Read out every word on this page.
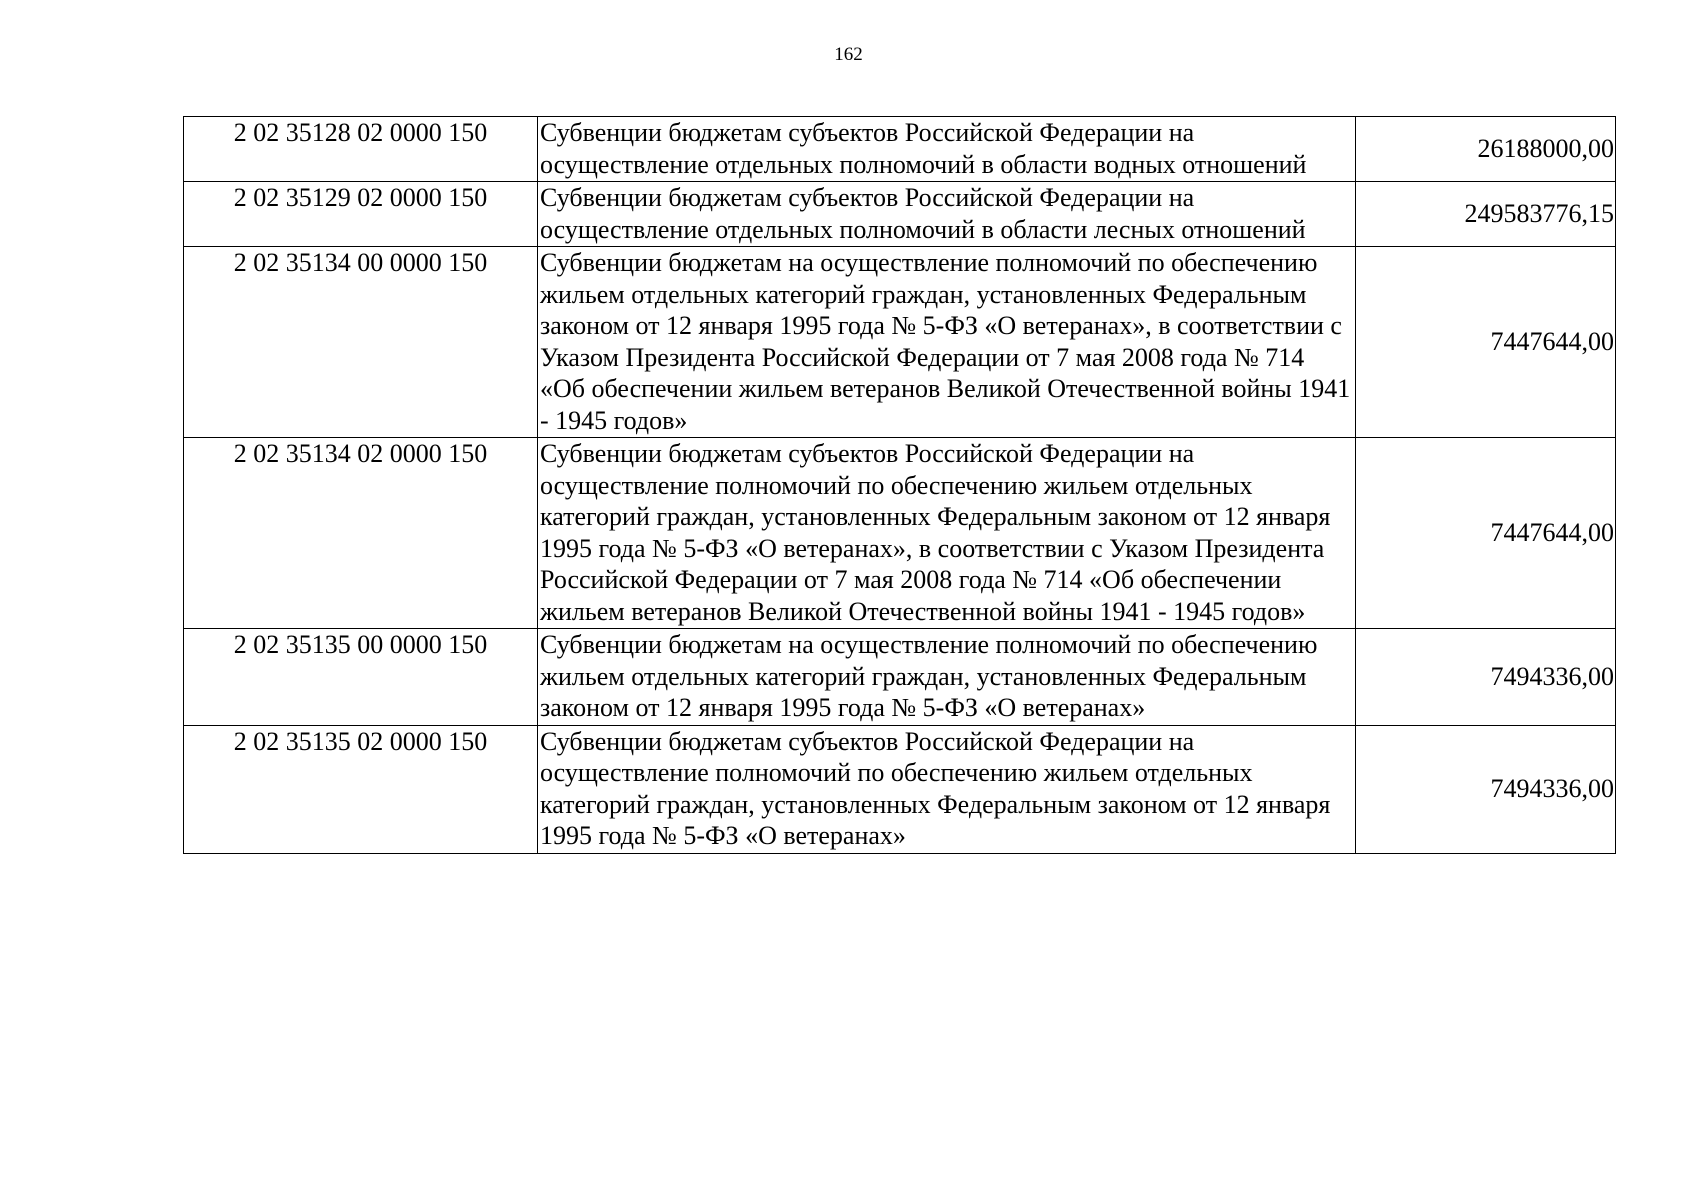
162
2 02 35128 02 0000 150	Субвенции бюджетам субъектов Российской Федерации на осуществление отдельных полномочий в области водных отношений	26188000,00
2 02 35129 02 0000 150	Субвенции бюджетам субъектов Российской Федерации на осуществление отдельных полномочий в области лесных отношений	249583776,15
2 02 35134 00 0000 150	Субвенции бюджетам на осуществление полномочий по обеспечению жильем отдельных категорий граждан, установленных Федеральным законом от 12 января 1995 года № 5-ФЗ «О ветеранах», в соответствии с Указом Президента Российской Федерации от 7 мая 2008 года № 714 «Об обеспечении жильем ветеранов Великой Отечественной войны 1941 - 1945 годов»	7447644,00
2 02 35134 02 0000 150	Субвенции бюджетам субъектов Российской Федерации на осуществление полномочий по обеспечению жильем отдельных категорий граждан, установленных Федеральным законом от 12 января 1995 года № 5-ФЗ «О ветеранах», в соответствии с Указом Президента Российской Федерации от 7 мая 2008 года № 714 «Об обеспечении жильем ветеранов Великой Отечественной войны 1941 - 1945 годов»	7447644,00
2 02 35135 00 0000 150	Субвенции бюджетам на осуществление полномочий по обеспечению жильем отдельных категорий граждан, установленных Федеральным законом от 12 января 1995 года № 5-ФЗ «О ветеранах»	7494336,00
2 02 35135 02 0000 150	Субвенции бюджетам субъектов Российской Федерации на осуществление полномочий по обеспечению жильем отдельных категорий граждан, установленных Федеральным законом от 12 января 1995 года № 5-ФЗ «О ветеранах»	7494336,00
